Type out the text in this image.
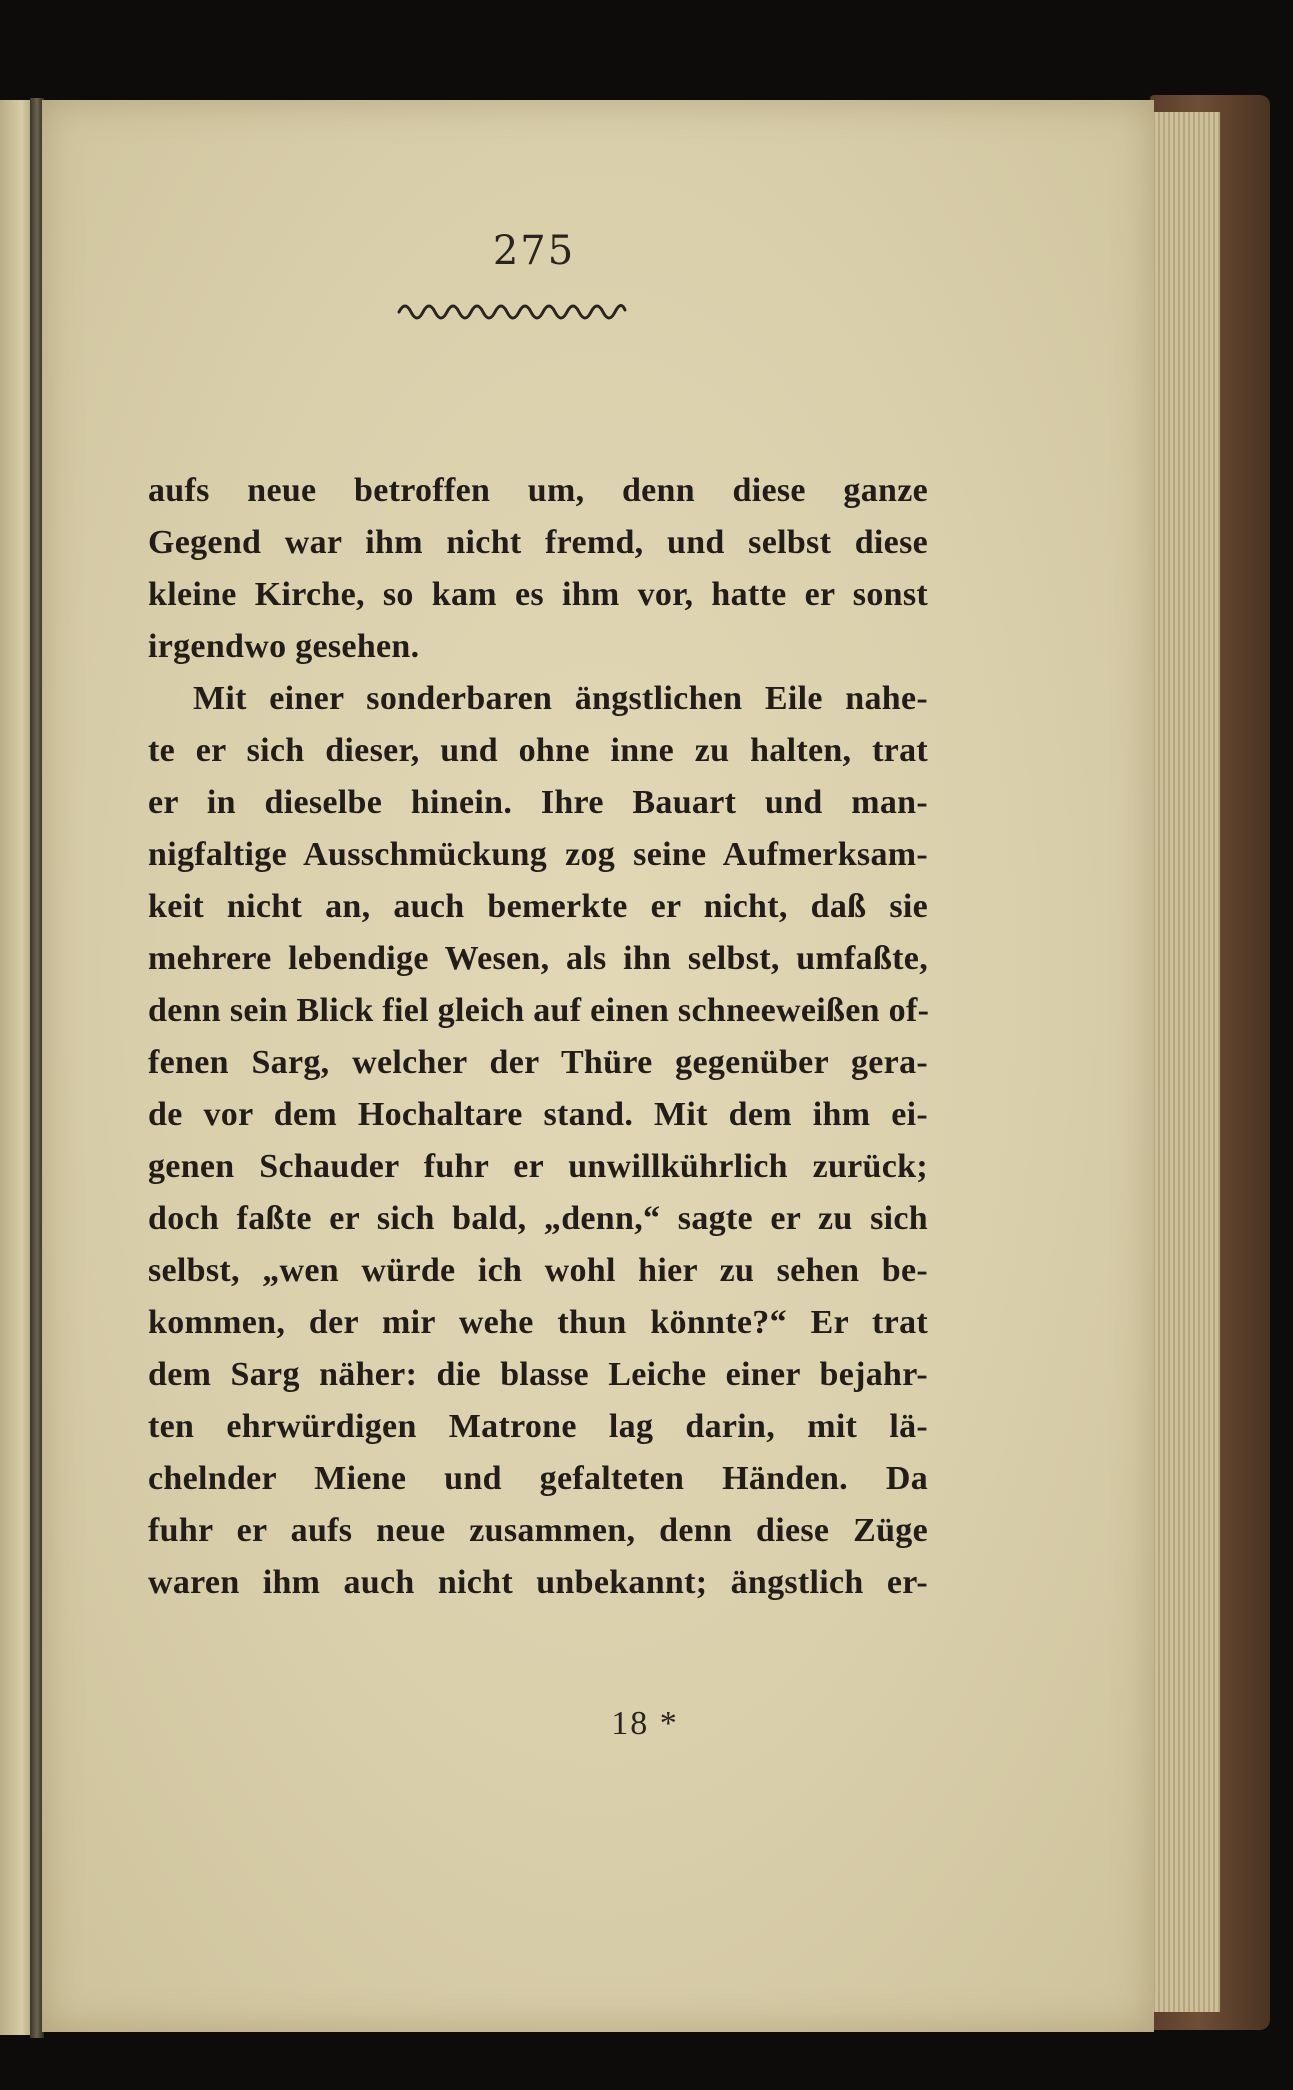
275
aufs neue betroffen um, denn diese ganze
Gegend war ihm nicht fremd, und selbst diese
kleine Kirche, so kam es ihm vor, hatte er sonst
irgendwo gesehen.
Mit einer sonderbaren ängstlichen Eile nahe-
te er sich dieser, und ohne inne zu halten, trat
er in dieselbe hinein. Ihre Bauart und man-
nigfaltige Ausschmückung zog seine Aufmerksam-
keit nicht an, auch bemerkte er nicht, daß sie
mehrere lebendige Wesen, als ihn selbst, umfaßte,
denn sein Blick fiel gleich auf einen schneeweißen of-
fenen Sarg, welcher der Thüre gegenüber gera-
de vor dem Hochaltare stand. Mit dem ihm ei-
genen Schauder fuhr er unwillkührlich zurück;
doch faßte er sich bald, „denn,“ sagte er zu sich
selbst, „wen würde ich wohl hier zu sehen be-
kommen, der mir wehe thun könnte?“ Er trat
dem Sarg näher: die blasse Leiche einer bejahr-
ten ehrwürdigen Matrone lag darin, mit lä-
chelnder Miene und gefalteten Händen. Da
fuhr er aufs neue zusammen, denn diese Züge
waren ihm auch nicht unbekannt; ängstlich er-
18 *
